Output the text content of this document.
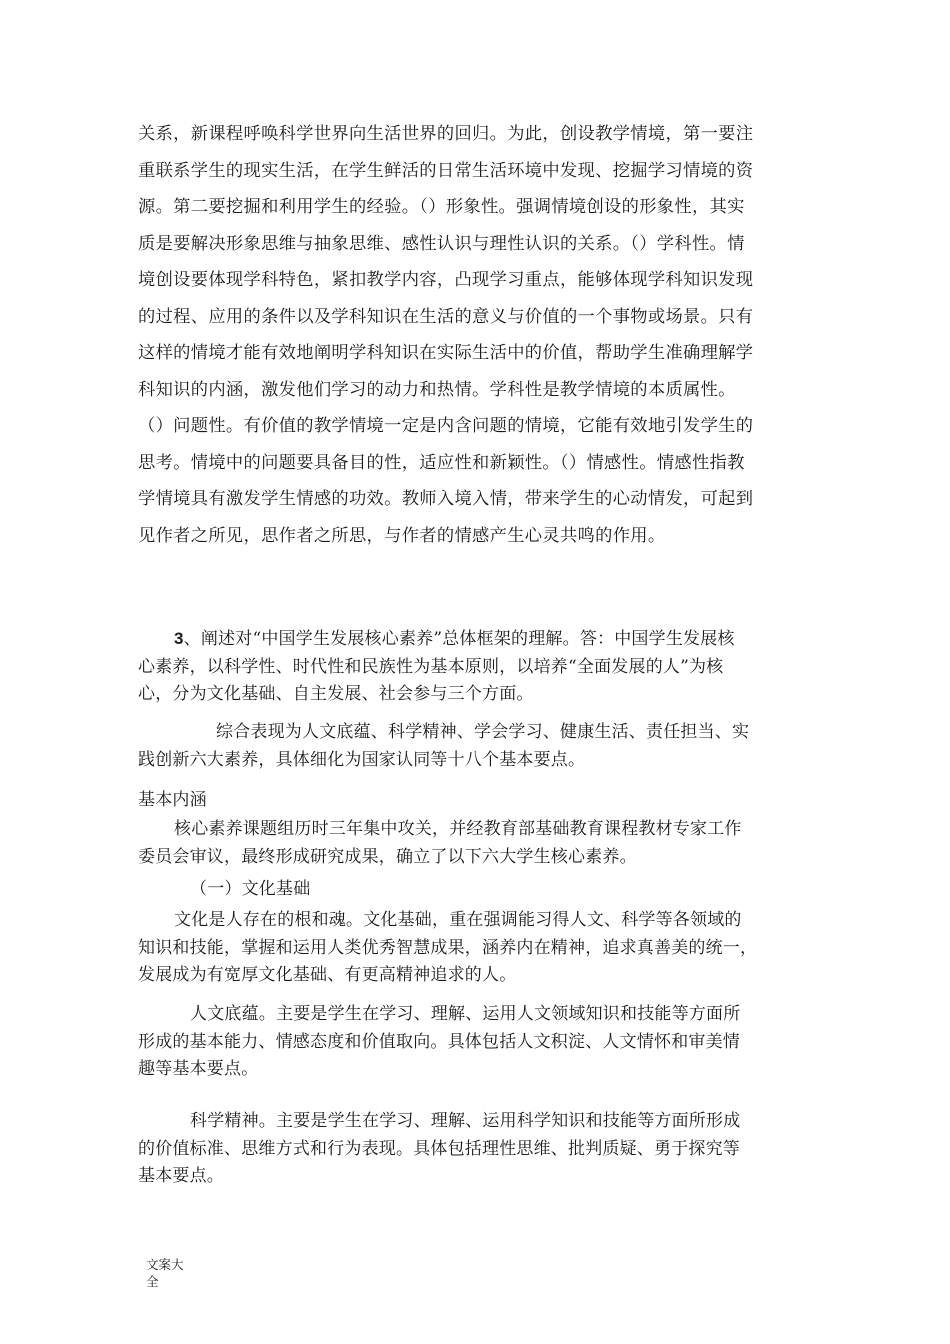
关系，新课程呼唤科学世界向生活世界的回归。为此，创设教学情境，第一要注
重联系学生的现实生活，在学生鲜活的日常生活环境中发现、挖掘学习情境的资
源。第二要挖掘和利用学生的经验。（）形象性。强调情境创设的形象性，其实
质是要解决形象思维与抽象思维、感性认识与理性认识的关系。（）学科性。情
境创设要体现学科特色，紧扣教学内容，凸现学习重点，能够体现学科知识发现
的过程、应用的条件以及学科知识在生活的意义与价值的一个事物或场景。只有
这样的情境才能有效地阐明学科知识在实际生活中的价值，帮助学生准确理解学
科知识的内涵，激发他们学习的动力和热情。学科性是教学情境的本质属性。
（）问题性。有价值的教学情境一定是内含问题的情境，它能有效地引发学生的
思考。情境中的问题要具备目的性，适应性和新颖性。（）情感性。情感性指教
学情境具有激发学生情感的功效。教师入境入情，带来学生的心动情发，可起到
见作者之所见，思作者之所思，与作者的情感产生心灵共鸣的作用。
3、阐述对“中国学生发展核心素养”总体框架的理解。答：中国学生发展核
心素养，以科学性、时代性和民族性为基本原则，以培养“全面发展的人”为核
心，分为文化基础、自主发展、社会参与三个方面。
综合表现为人文底蕴、科学精神、学会学习、健康生活、责任担当、实
践创新六大素养，具体细化为国家认同等十八个基本要点。
基本内涵
核心素养课题组历时三年集中攻关，并经教育部基础教育课程教材专家工作
委员会审议，最终形成研究成果，确立了以下六大学生核心素养。
（一）文化基础
文化是人存在的根和魂。文化基础，重在强调能习得人文、科学等各领域的
知识和技能，掌握和运用人类优秀智慧成果，涵养内在精神，追求真善美的统一，
发展成为有宽厚文化基础、有更高精神追求的人。
人文底蕴。主要是学生在学习、理解、运用人文领域知识和技能等方面所
形成的基本能力、情感态度和价值取向。具体包括人文积淀、人文情怀和审美情
趣等基本要点。
科学精神。主要是学生在学习、理解、运用科学知识和技能等方面所形成
的价值标准、思维方式和行为表现。具体包括理性思维、批判质疑、勇于探究等
基本要点。
文案大
全
